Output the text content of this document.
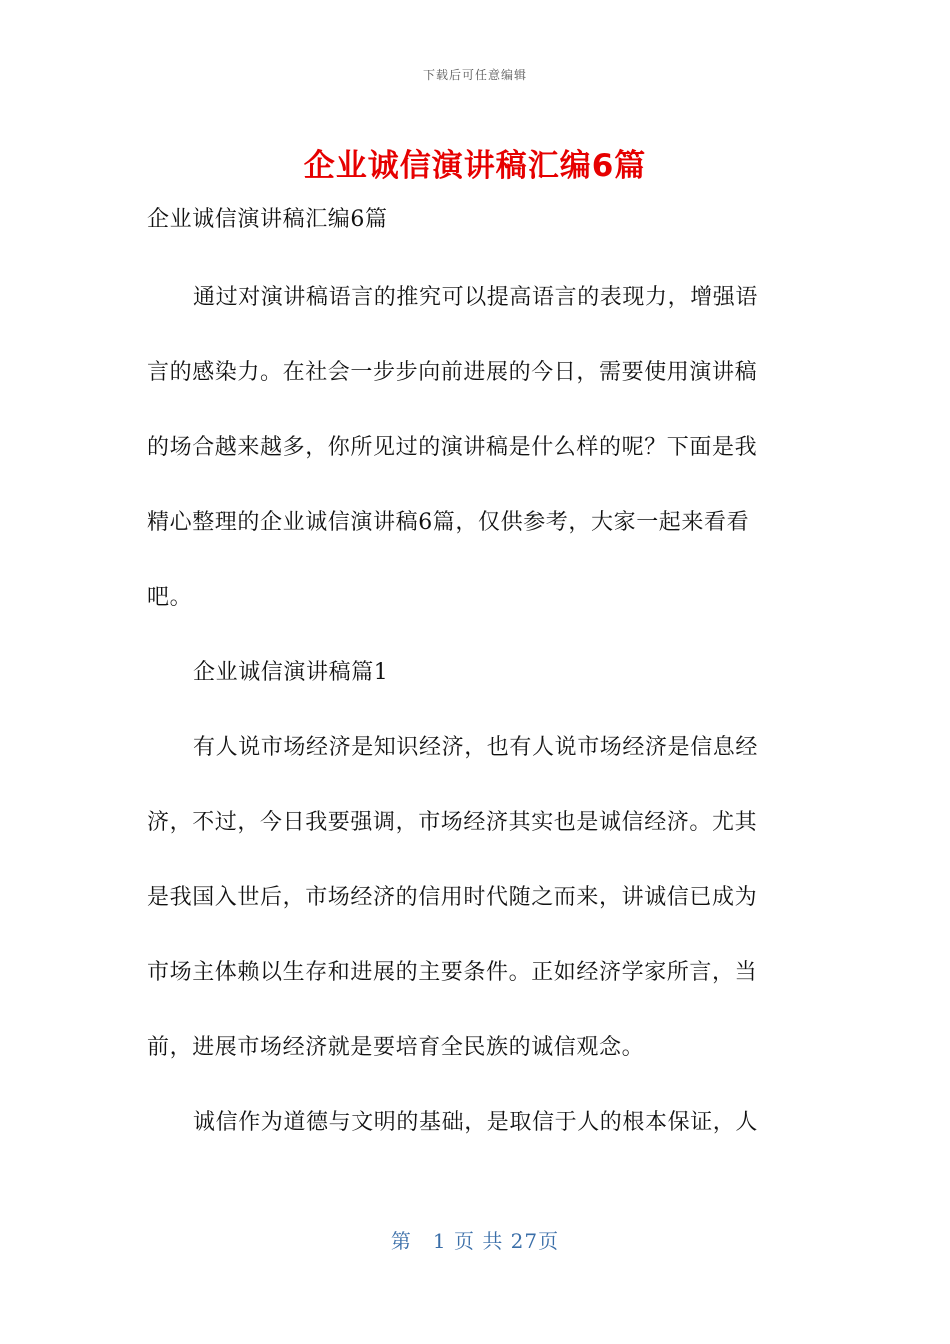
下载后可任意编辑
企业诚信演讲稿汇编6篇
企业诚信演讲稿汇编6篇
通过对演讲稿语言的推究可以提高语言的表现力，增强语
言的感染力。在社会一步步向前进展的今日，需要使用演讲稿
的场合越来越多，你所见过的演讲稿是什么样的呢？下面是我
精心整理的企业诚信演讲稿6篇，仅供参考，大家一起来看看
吧。
企业诚信演讲稿篇1
有人说市场经济是知识经济，也有人说市场经济是信息经
济，不过，今日我要强调，市场经济其实也是诚信经济。尤其
是我国入世后，市场经济的信用时代随之而来，讲诚信已成为
市场主体赖以生存和进展的主要条件。正如经济学家所言，当
前，进展市场经济就是要培育全民族的诚信观念。
诚信作为道德与文明的基础，是取信于人的根本保证，人
第　1 页 共 27页
